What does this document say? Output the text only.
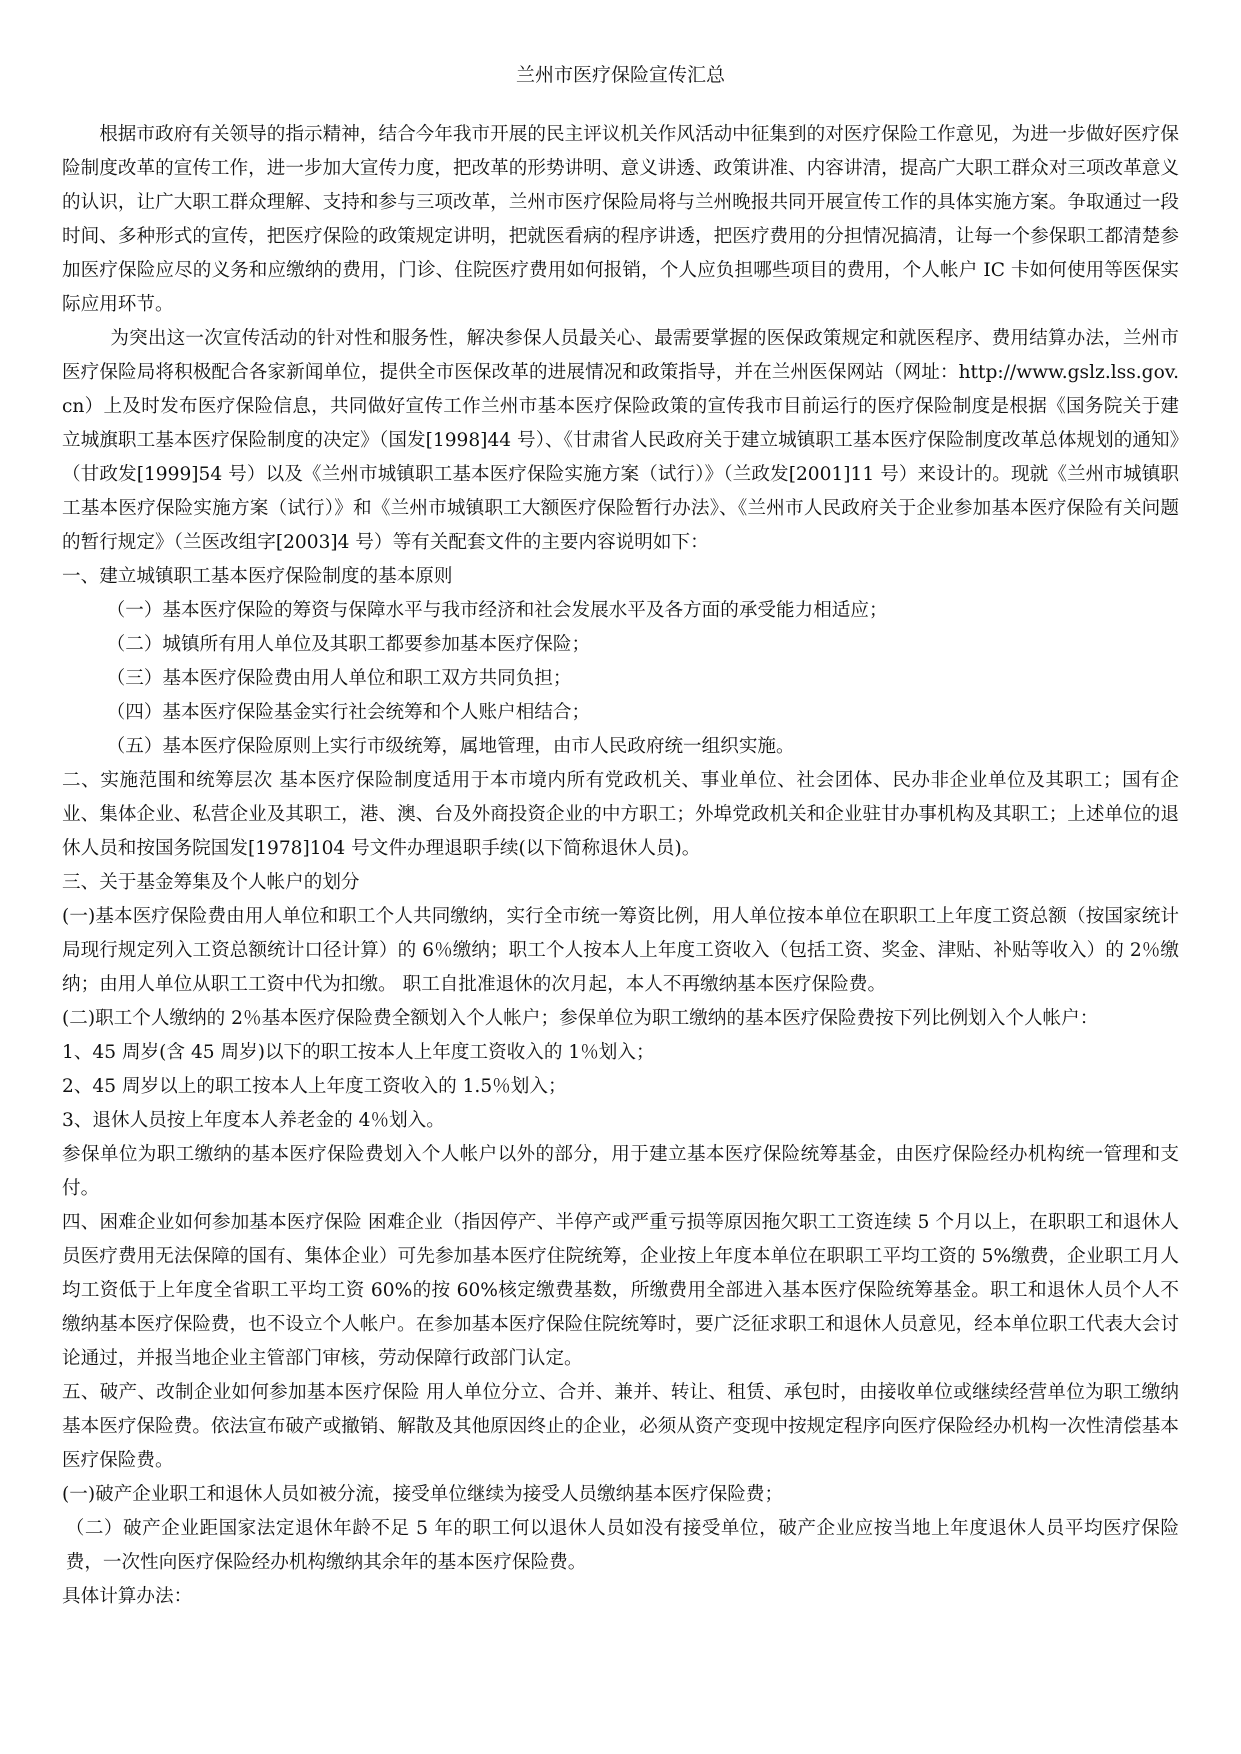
兰州市医疗保险宣传汇总

根据市政府有关领导的指示精神，结合今年我市开展的民主评议机关作风活动中征集到的对医疗保险工作意见，为进一步做好医疗保险制度改革的宣传工作，进一步加大宣传力度，把改革的形势讲明、意义讲透、政策讲准、内容讲清，提高广大职工群众对三项改革意义的认识，让广大职工群众理解、支持和参与三项改革，兰州市医疗保险局将与兰州晚报共同开展宣传工作的具体实施方案。争取通过一段时间、多种形式的宣传，把医疗保险的政策规定讲明，把就医看病的程序讲透，把医疗费用的分担情况搞清，让每一个参保职工都清楚参加医疗保险应尽的义务和应缴纳的费用，门诊、住院医疗费用如何报销，个人应负担哪些项目的费用，个人帐户 IC 卡如何使用等医保实际应用环节。

为突出这一次宣传活动的针对性和服务性，解决参保人员最关心、最需要掌握的医保政策规定和就医程序、费用结算办法，兰州市医疗保险局将积极配合各家新闻单位，提供全市医保改革的进展情况和政策指导，并在兰州医保网站（网址：http://www.gslz.lss.gov.cn）上及时发布医疗保险信息，共同做好宣传工作兰州市基本医疗保险政策的宣传我市目前运行的医疗保险制度是根据《国务院关于建立城旗职工基本医疗保险制度的决定》（国发[1998]44 号）、《甘肃省人民政府关于建立城镇职工基本医疗保险制度改革总体规划的通知》（甘政发[1999]54 号）以及《兰州市城镇职工基本医疗保险实施方案（试行）》（兰政发[2001]11 号）来设计的。现就《兰州市城镇职工基本医疗保险实施方案（试行）》和《兰州市城镇职工大额医疗保险暂行办法》、《兰州市人民政府关于企业参加基本医疗保险有关问题的暂行规定》（兰医改组字[2003]4 号）等有关配套文件的主要内容说明如下：

一、建立城镇职工基本医疗保险制度的基本原则

（一）基本医疗保险的筹资与保障水平与我市经济和社会发展水平及各方面的承受能力相适应；

（二）城镇所有用人单位及其职工都要参加基本医疗保险；

（三）基本医疗保险费由用人单位和职工双方共同负担；

（四）基本医疗保险基金实行社会统筹和个人账户相结合；

（五）基本医疗保险原则上实行市级统筹，属地管理，由市人民政府统一组织实施。

二、实施范围和统筹层次 基本医疗保险制度适用于本市境内所有党政机关、事业单位、社会团体、民办非企业单位及其职工；国有企业、集体企业、私营企业及其职工，港、澳、台及外商投资企业的中方职工；外埠党政机关和企业驻甘办事机构及其职工；上述单位的退休人员和按国务院国发[1978]104 号文件办理退职手续(以下简称退休人员)。

三、关于基金筹集及个人帐户的划分

(一)基本医疗保险费由用人单位和职工个人共同缴纳，实行全市统一筹资比例，用人单位按本单位在职职工上年度工资总额（按国家统计局现行规定列入工资总额统计口径计算）的 6％缴纳；职工个人按本人上年度工资收入（包括工资、奖金、津贴、补贴等收入）的 2％缴纳；由用人单位从职工工资中代为扣缴。 职工自批准退休的次月起，本人不再缴纳基本医疗保险费。

(二)职工个人缴纳的 2％基本医疗保险费全额划入个人帐户；参保单位为职工缴纳的基本医疗保险费按下列比例划入个人帐户：

1、45 周岁(含 45 周岁)以下的职工按本人上年度工资收入的 1％划入；

2、45 周岁以上的职工按本人上年度工资收入的 1.5％划入；

3、退休人员按上年度本人养老金的 4％划入。

参保单位为职工缴纳的基本医疗保险费划入个人帐户以外的部分，用于建立基本医疗保险统筹基金，由医疗保险经办机构统一管理和支付。

四、困难企业如何参加基本医疗保险 困难企业（指因停产、半停产或严重亏损等原因拖欠职工工资连续 5 个月以上，在职职工和退休人员医疗费用无法保障的国有、集体企业）可先参加基本医疗住院统筹，企业按上年度本单位在职职工平均工资的 5%缴费，企业职工月人均工资低于上年度全省职工平均工资 60%的按 60%核定缴费基数，所缴费用全部进入基本医疗保险统筹基金。职工和退休人员个人不缴纳基本医疗保险费，也不设立个人帐户。在参加基本医疗保险住院统筹时，要广泛征求职工和退休人员意见，经本单位职工代表大会讨论通过，并报当地企业主管部门审核，劳动保障行政部门认定。

五、破产、改制企业如何参加基本医疗保险 用人单位分立、合并、兼并、转让、租赁、承包时，由接收单位或继续经营单位为职工缴纳基本医疗保险费。依法宣布破产或撤销、解散及其他原因终止的企业，必须从资产变现中按规定程序向医疗保险经办机构一次性清偿基本医疗保险费。

(一)破产企业职工和退休人员如被分流，接受单位继续为接受人员缴纳基本医疗保险费；

（二）破产企业距国家法定退休年龄不足 5 年的职工何以退休人员如没有接受单位，破产企业应按当地上年度退休人员平均医疗保险费，一次性向医疗保险经办机构缴纳其余年的基本医疗保险费。

具体计算办法：
